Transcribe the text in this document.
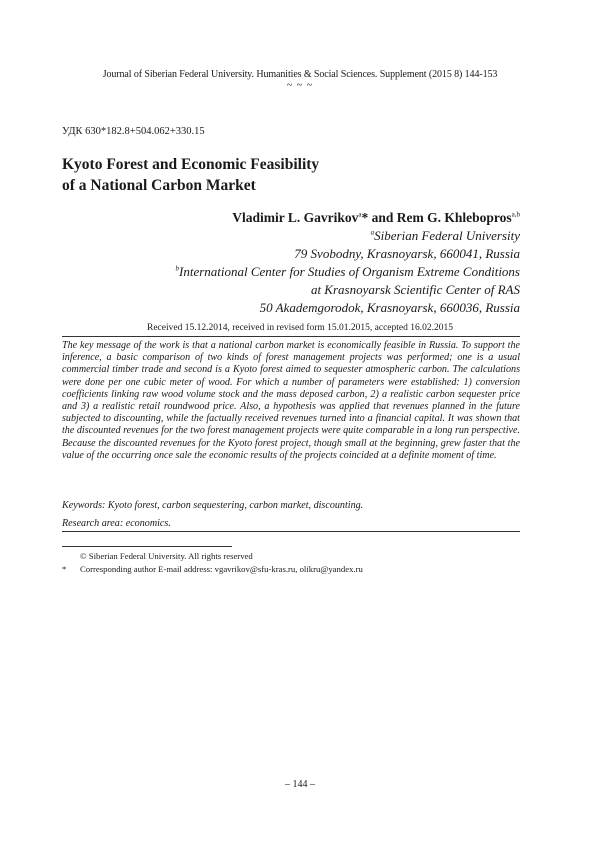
Journal of Siberian Federal University. Humanities & Social Sciences. Supplement (2015 8) 144-153
~ ~ ~
УДК 630*182.8+504.062+330.15
Kyoto Forest and Economic Feasibility
of a National Carbon Market
Vladimir L. Gavrikov$^a$* and Rem G. Khlebopros$^{a,b}$
$^a$Siberian Federal University
79 Svobodny, Krasnoyarsk, 660041, Russia
$^b$International Center for Studies of Organism Extreme Conditions
at Krasnoyarsk Scientific Center of RAS
50 Akademgorodok, Krasnoyarsk, 660036, Russia
Received 15.12.2014, received in revised form 15.01.2015, accepted 16.02.2015
The key message of the work is that a national carbon market is economically feasible in Russia. To support the inference, a basic comparison of two kinds of forest management projects was performed; one is a usual commercial timber trade and second is a Kyoto forest aimed to sequester atmospheric carbon. The calculations were done per one cubic meter of wood. For which a number of parameters were established: 1) conversion coefficients linking raw wood volume stock and the mass deposed carbon, 2) a realistic carbon sequester price and 3) a realistic retail roundwood price. Also, a hypothesis was applied that revenues planned in the future subjected to discounting, while the factually received revenues turned into a financial capital. It was shown that the discounted revenues for the two forest management projects were quite comparable in a long run perspective. Because the discounted revenues for the Kyoto forest project, though small at the beginning, grew faster that the value of the occurring once sale the economic results of the projects coincided at a definite moment of time.
Keywords: Kyoto forest, carbon sequestering, carbon market, discounting.
Research area: economics.
© Siberian Federal University. All rights reserved
* Corresponding author E-mail address: vgavrikov@sfu-kras.ru, olikru@yandex.ru
– 144 –
